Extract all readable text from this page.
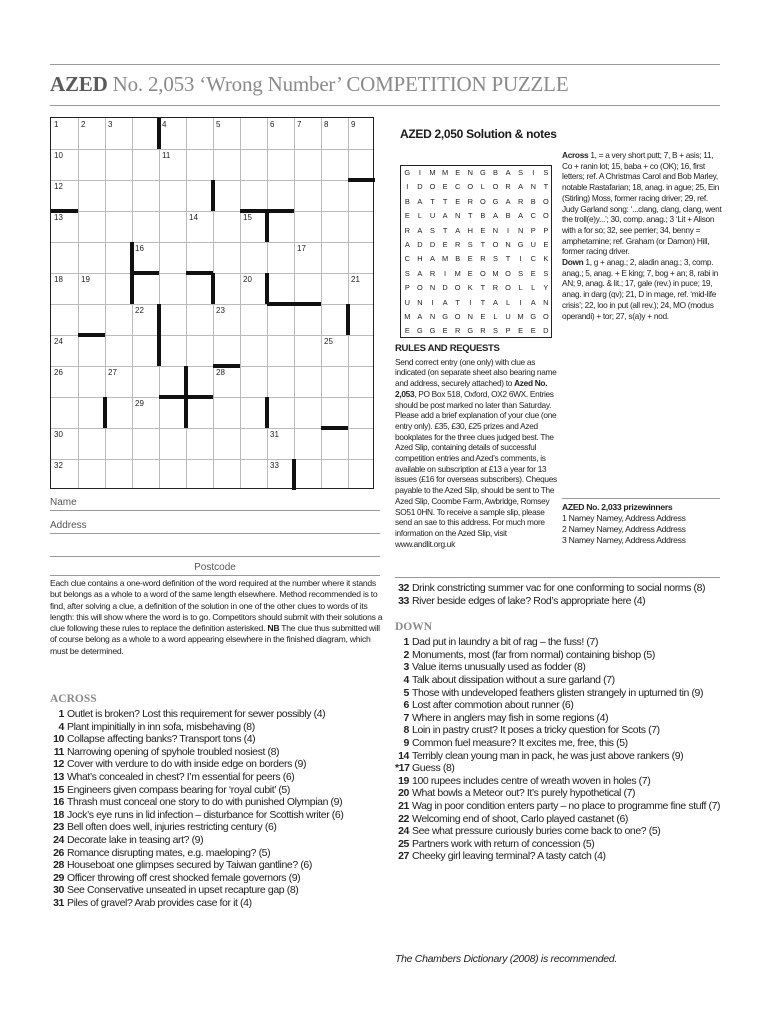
AZED No. 2,053 ‘Wrong Number’ COMPETITION PUZZLE
1	2	3	4	5	6	7	8	9
10	11
12
13	14	15
16	17
18 19	20	21
22	23
24	25
26	27	28
29
30	31
32	33
Name
Address
Postcode
Each clue contains a one-word definition of the word required at the number where it stands but belongs as a whole to a word of the same length elsewhere. Method recommended is to find, after solving a clue, a definition of the solution in one of the other clues to words of its length: this will show where the word is to go. Competitors should submit with their solutions a clue following these rules to replace the definition asterisked. NB The clue thus submitted will of course belong as a whole to a word appearing elsewhere in the finished diagram, which must be determined.
ACROSS
1 Outlet is broken? Lost this requirement for sewer possibly (4)
4 Plant impinitially in inn sofa, misbehaving (8)
10 Collapse affecting banks? Transport tons (4)
11 Narrowing opening of spyhole troubled nosiest (8)
12 Cover with verdure to do with inside edge on borders (9)
13 What’s concealed in chest? I’m essential for peers (6)
15 Engineers given compass bearing for ‘royal cubit’ (5)
16 Thrash must conceal one story to do with punished Olympian (9)
18 Jock’s eye runs in lid infection – disturbance for Scottish writer (6)
23 Bell often does well, injuries restricting century (6)
24 Decorate lake in teasing art? (9)
26 Romance disrupting mates, e.g. maeloping? (5)
28 Houseboat one glimpses secured by Taiwan gantline? (6)
29 Officer throwing off crest shocked female governors (9)
30 See Conservative unseated in upset recapture gap (8)
31 Piles of gravel? Arab provides case for it (4)
AZED 2,050 Solution & notes
G	I	M M E	N G B	A	S	I	S
I	D O E	C O	L	O R	A	N	T
B	A	T	T	E	R O G A	R	B O
E	L	U	A	N	T	B	A	B	A	C O
R	A	S	T	A	H	E	N	I	N	P	P
A	D D	E	R	S	T	O N G U	E
C H	A M B	E	R	S	T	I	C	K
S	A	R	I	M E O M O S	E	S
P O N D O K	T	R O	L	L	Y
U N	I	A	T	I	T	A	L	I	A	N
M A	N G O N	E	L	U M G O
E G G E	R G R	S	P	E	E	D
Across 1, = a very short putt; 7, B + asis; 11, Co + ranin lot; 15, baba + co (OK); 16, first letters; ref. A Christmas Carol and Bob Marley, notable Rastafarian; 18, anag. in ague; 25, Ein (Stirling) Moss, former racing driver; 29, ref. Judy Garland song: ‘...clang, clang, clang, went the troll(e)y...’; 30, comp. anag.; 3 ‘Lit + Alison with a for so; 32, see perrier; 34, benny = amphetamine; ref. Graham (or Damon) Hill, former racing driver.
Down 1, g + anag.; 2, aladin anag.; 3, comp. anag.; 5, anag. + E king; 7, bog + an; 8, rabi in AN; 9, anag. & lit.; 17, gale (rev.) in puce; 19, anag. in darg (qv); 21, D in mage, ref. ‘mid-life crisis’; 22, loo in put (all rev.); 24, MO (modus operandi) + tor; 27, s(a)y + nod.
RULES AND REQUESTS
Send correct entry (one only) with clue as indicated (on separate sheet also bearing name and address, securely attached) to Azed No. 2,053, PO Box 518, Oxford, OX2 6WX. Entries should be post marked no later than Saturday. Please add a brief explanation of your clue (one entry only). £35, £30, £25 prizes and Azed bookplates for the three clues judged best. The Azed Slip, containing details of successful competition entries and Azed’s comments, is available on subscription at £13 a year for 13 issues (£16 for overseas subscribers). Cheques payable to the Azed Slip, should be sent to The Azed Slip, Coombe Farm, Awbridge, Romsey SO51 0HN. To receive a sample slip, please send an sae to this address. For much more information on the Azed Slip, visit www.andlit.org.uk
AZED No. 2,033 prizewinners
1 Namey Namey, Address Address
2 Namey Namey, Address Address
3 Namey Namey, Address Address
32 Drink constricting summer vac for one conforming to social norms (8)
33 River beside edges of lake? Rod’s appropriate here (4)
DOWN
1 Dad put in laundry a bit of rag – the fuss! (7)
2 Monuments, most (far from normal) containing bishop (5)
3 Value items unusually used as fodder (8)
4 Talk about dissipation without a sure garland (7)
5 Those with undeveloped feathers glisten strangely in upturned tin (9)
6 Lost after commotion about runner (6)
7 Where in anglers may fish in some regions (4)
8 Loin in pastry crust? It poses a tricky question for Scots (7)
9 Common fuel measure? It excites me, free, this (5)
14 Terribly clean young man in pack, he was just above rankers (9)
*17 Guess (8)
19 100 rupees includes centre of wreath woven in holes (7)
20 What bowls a Meteor out? It’s purely hypothetical (7)
21 Wag in poor condition enters party – no place to programme fine stuff (7)
22 Welcoming end of shoot, Carlo played castanet (6)
24 See what pressure curiously buries come back to one? (5)
25 Partners work with return of concession (5)
27 Cheeky girl leaving terminal? A tasty catch (4)
The Chambers Dictionary (2008) is recommended.
